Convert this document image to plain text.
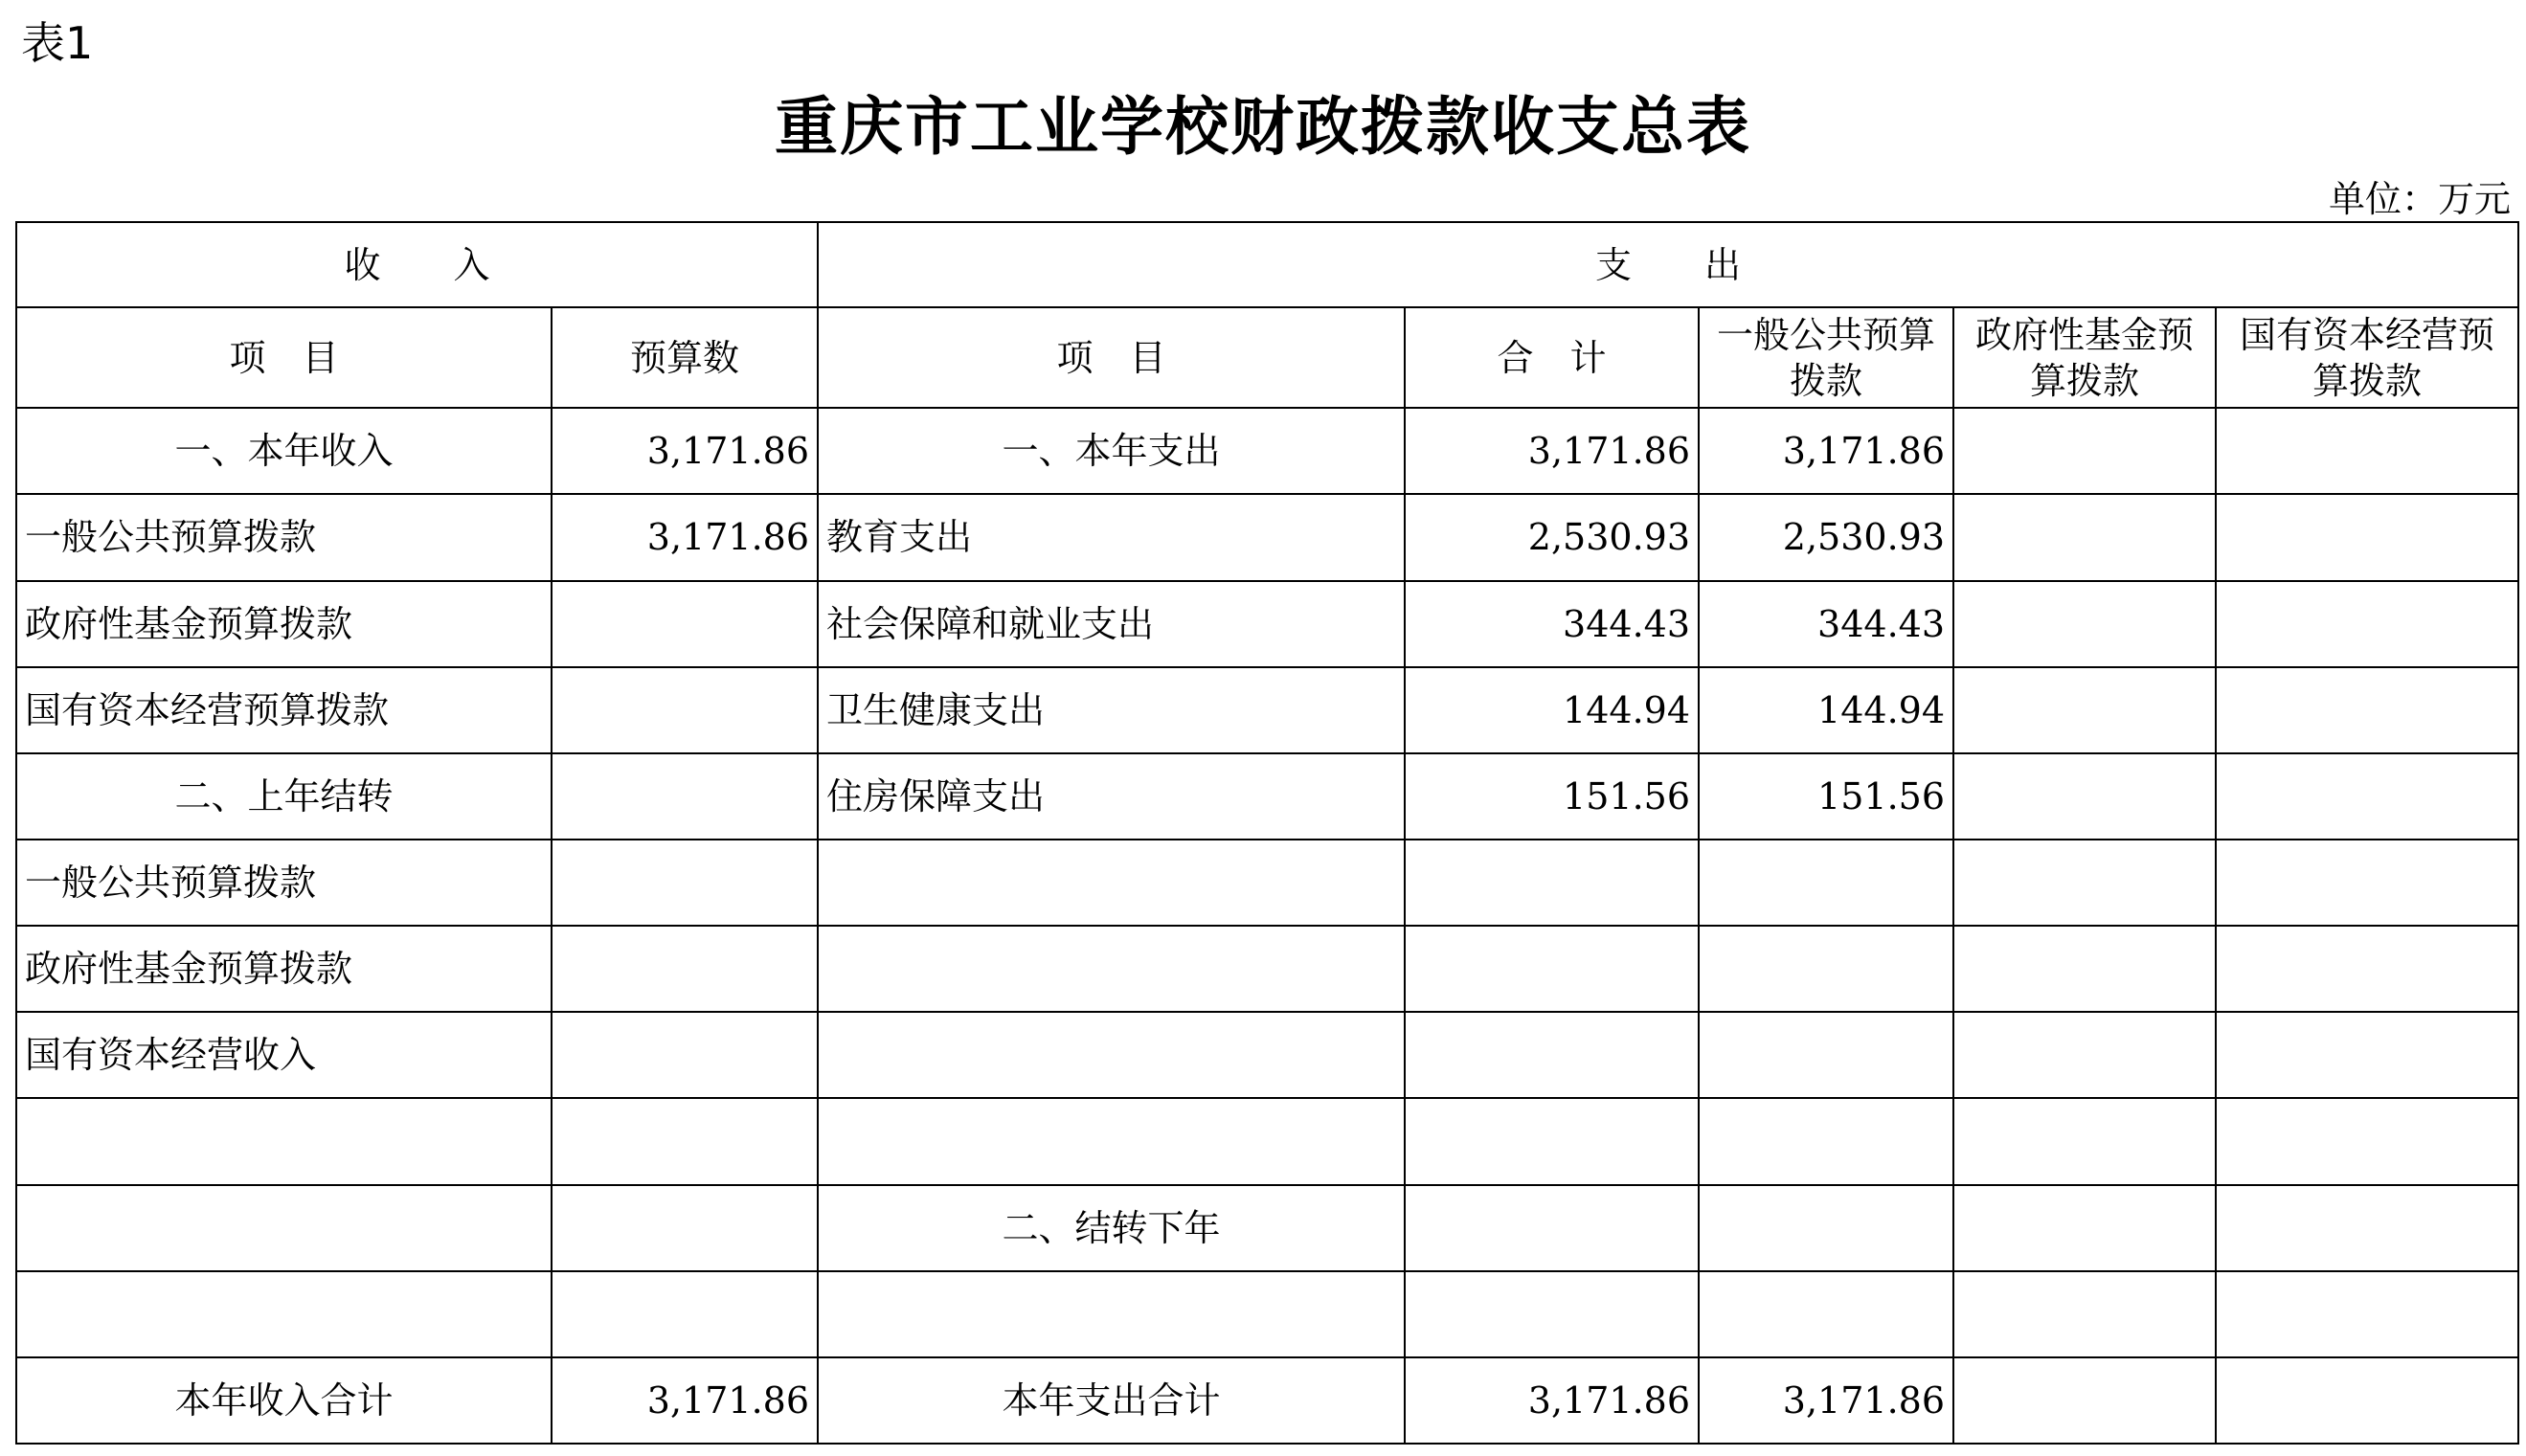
表1
重庆市工业学校财政拨款收支总表
单位：万元
收　　入		支　　出				
项　目	预算数	项　目	合　计	一般公共预算拨款	政府性基金预算拨款	国有资本经营预算拨款
一、本年收入	3,171.86	一、本年支出	3,171.86	3,171.86		
一般公共预算拨款	3,171.86	教育支出	2,530.93	2,530.93		
政府性基金预算拨款		社会保障和就业支出	344.43	344.43		
国有资本经营预算拨款		卫生健康支出	144.94	144.94		
二、上年结转		住房保障支出	151.56	151.56		
一般公共预算拨款						
政府性基金预算拨款						
国有资本经营收入						

		二、结转下年				

本年收入合计	3,171.86	本年支出合计	3,171.86	3,171.86		
